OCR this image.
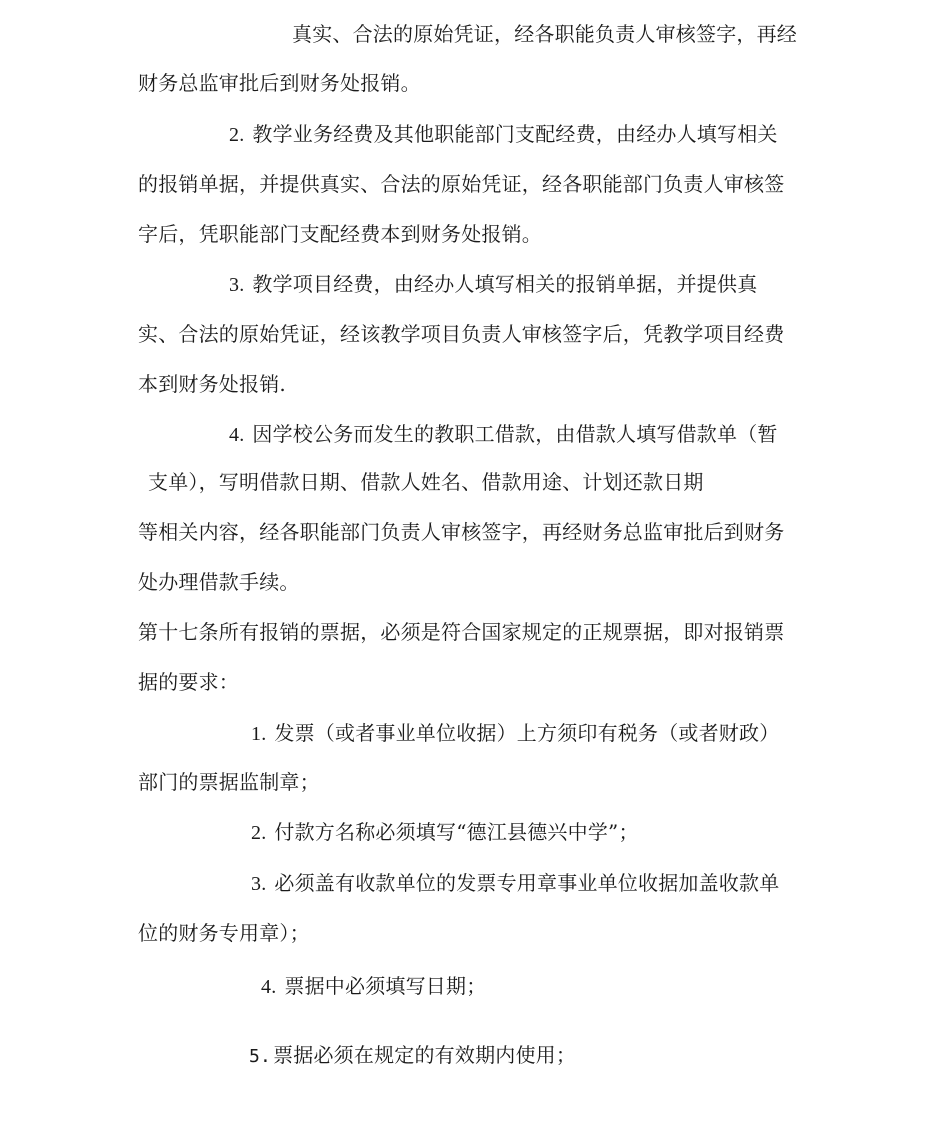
真实、合法的原始凭证，经各职能负责人审核签字，再经
财务总监审批后到财务处报销。
2. 教学业务经费及其他职能部门支配经费，由经办人填写相关
的报销单据，并提供真实、合法的原始凭证，经各职能部门负责人审核签
字后，凭职能部门支配经费本到财务处报销。
3. 教学项目经费，由经办人填写相关的报销单据，并提供真
实、合法的原始凭证，经该教学项目负责人审核签字后，凭教学项目经费
本到财务处报销.
4. 因学校公务而发生的教职工借款，由借款人填写借款单（暂
支单），写明借款日期、借款人姓名、借款用途、计划还款日期
等相关内容，经各职能部门负责人审核签字，再经财务总监审批后到财务
处办理借款手续。
第十七条所有报销的票据，必须是符合国家规定的正规票据，即对报销票
据的要求：
1. 发票（或者事业单位收据）上方须印有税务（或者财政）
部门的票据监制章；
2. 付款方名称必须填写“德江县德兴中学”；
3. 必须盖有收款单位的发票专用章事业单位收据加盖收款单
位的财务专用章）；
4. 票据中必须填写日期；
5. 票据必须在规定的有效期内使用；
